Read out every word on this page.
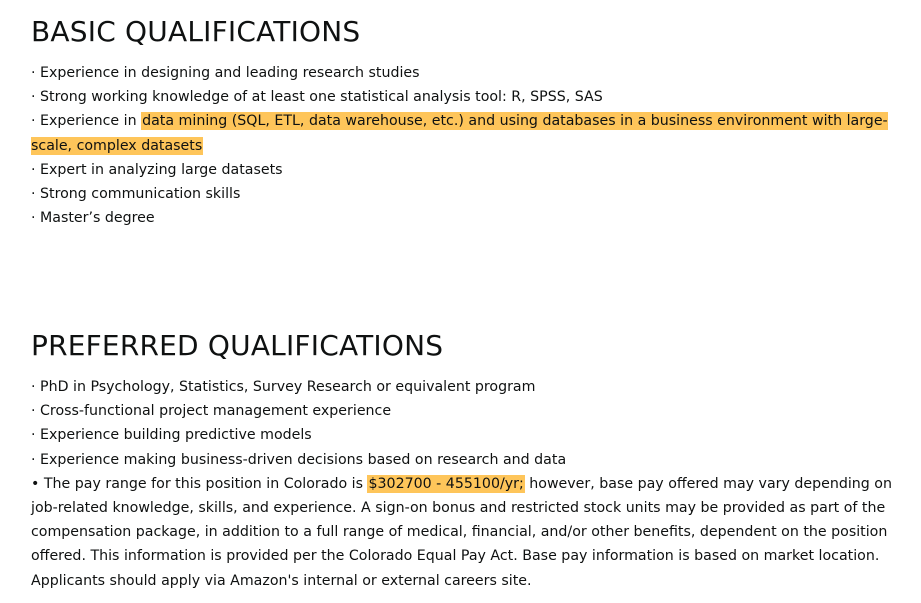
BASIC QUALIFICATIONS
· Experience in designing and leading research studies
· Strong working knowledge of at least one statistical analysis tool: R, SPSS, SAS
· Experience in data mining (SQL, ETL, data warehouse, etc.) and using databases in a business environment with large-scale, complex datasets
· Expert in analyzing large datasets
· Strong communication skills
· Master’s degree
PREFERRED QUALIFICATIONS
· PhD in Psychology, Statistics, Survey Research or equivalent program
· Cross-functional project management experience
· Experience building predictive models
· Experience making business-driven decisions based on research and data
• The pay range for this position in Colorado is $302700 - 455100/yr; however, base pay offered may vary depending on job-related knowledge, skills, and experience. A sign-on bonus and restricted stock units may be provided as part of the compensation package, in addition to a full range of medical, financial, and/or other benefits, dependent on the position offered. This information is provided per the Colorado Equal Pay Act. Base pay information is based on market location. Applicants should apply via Amazon's internal or external careers site.
